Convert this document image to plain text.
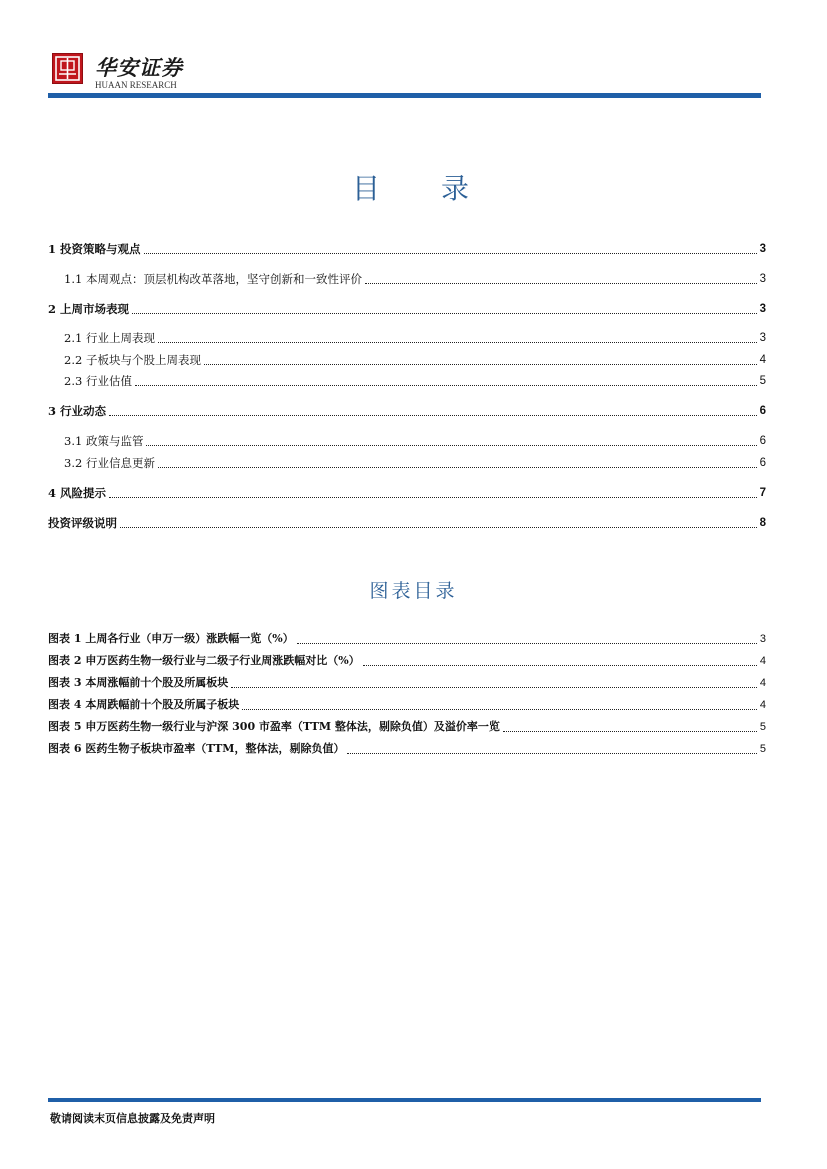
华安证券
HUAAN RESEARCH
目 录
1 投资策略与观点	3
1.1 本周观点：顶层机构改革落地，坚守创新和一致性评价	3
2 上周市场表现	3
2.1 行业上周表现	3
2.2 子板块与个股上周表现	4
2.3 行业估值	5
3 行业动态	6
3.1 政策与监管	6
3.2 行业信息更新	6
4 风险提示	7
投资评级说明	8
图表目录
图表 1 上周各行业（申万一级）涨跌幅一览（%）	3
图表 2 申万医药生物一级行业与二级子行业周涨跌幅对比（%）	4
图表 3 本周涨幅前十个股及所属板块	4
图表 4 本周跌幅前十个股及所属子板块	4
图表 5 申万医药生物一级行业与沪深 300 市盈率（TTM 整体法，剔除负值）及溢价率一览	5
图表 6 医药生物子板块市盈率（TTM，整体法，剔除负值）	5
敬请阅读末页信息披露及免责声明
